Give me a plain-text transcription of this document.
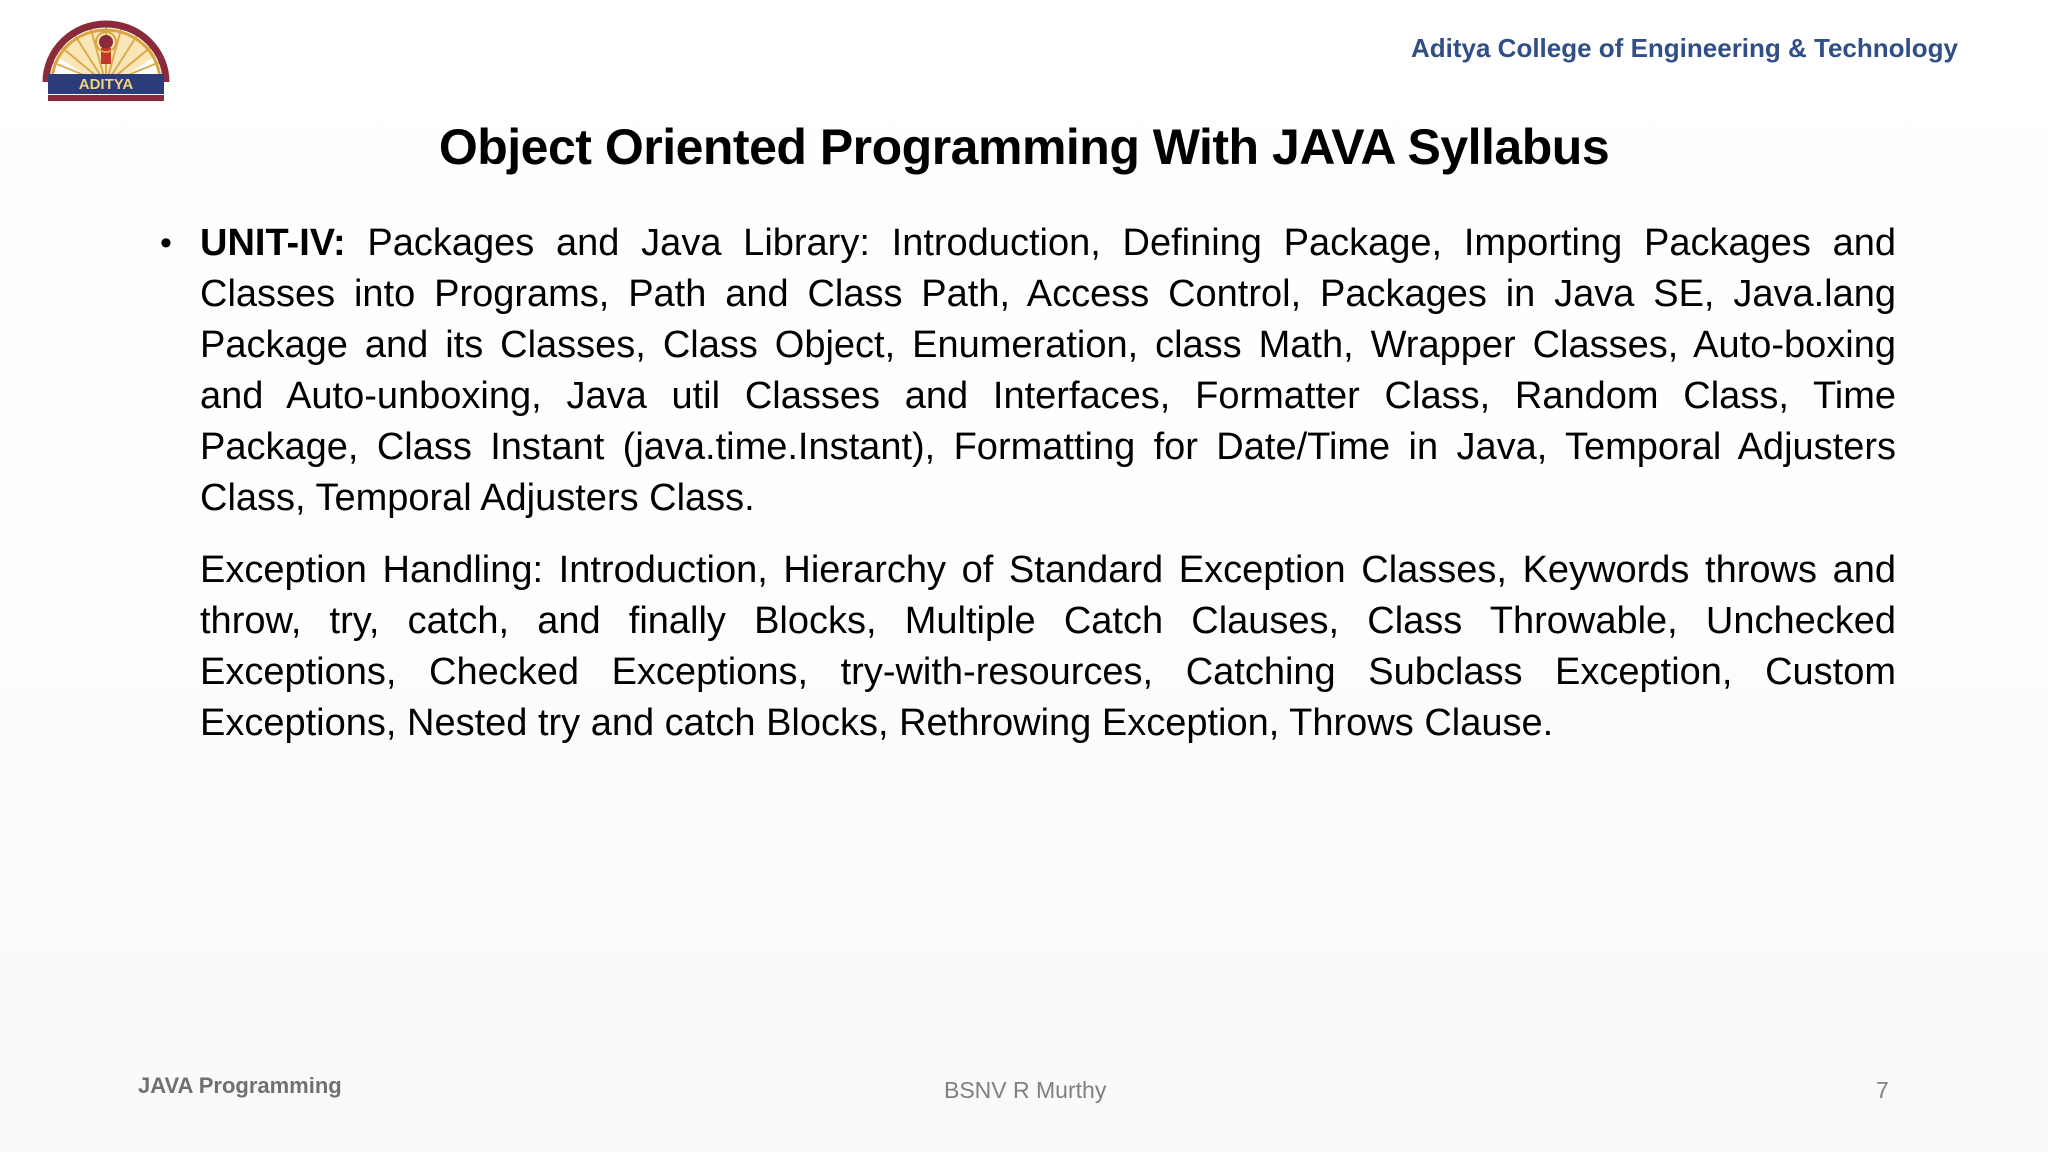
ADITYA
Aditya College of Engineering & Technology
Object Oriented Programming With JAVA Syllabus

• UNIT-IV: Packages and Java Library: Introduction, Defining Package, Importing Packages and Classes into Programs, Path and Class Path, Access Control, Packages in Java SE, Java.lang Package and its Classes, Class Object, Enumeration, class Math, Wrapper Classes, Auto-boxing and Auto-unboxing, Java util Classes and Interfaces, Formatter Class, Random Class, Time Package, Class Instant (java.time.Instant), Formatting for Date/Time in Java, Temporal Adjusters Class, Temporal Adjusters Class.

Exception Handling: Introduction, Hierarchy of Standard Exception Classes, Keywords throws and throw, try, catch, and finally Blocks, Multiple Catch Clauses, Class Throwable, Unchecked Exceptions, Checked Exceptions, try-with-resources, Catching Subclass Exception, Custom Exceptions, Nested try and catch Blocks, Rethrowing Exception, Throws Clause.

JAVA Programming	BSNV R Murthy	7
